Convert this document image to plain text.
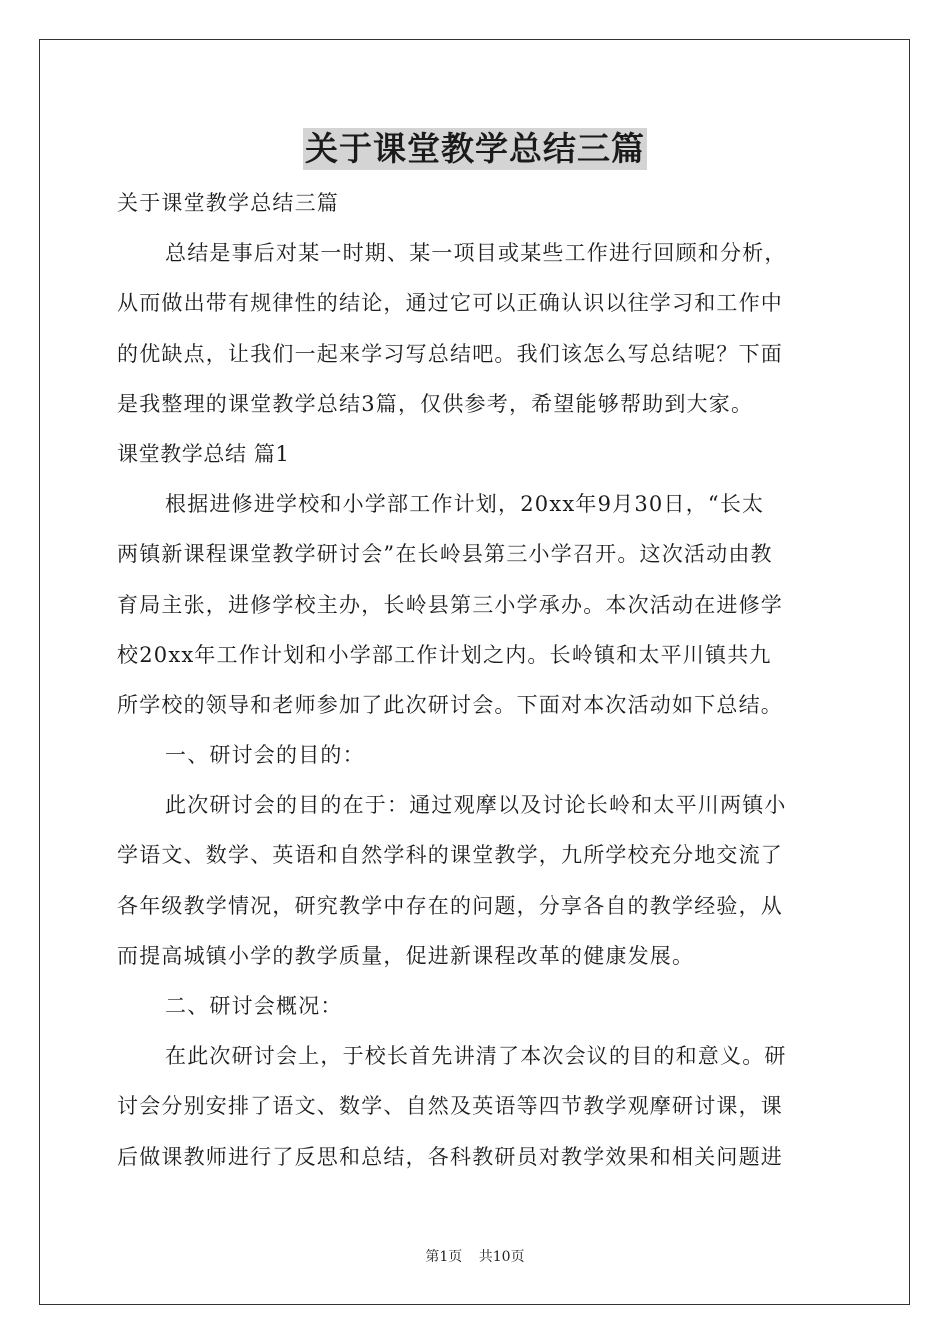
关于课堂教学总结三篇
关于课堂教学总结三篇
总结是事后对某一时期、某一项目或某些工作进行回顾和分析，
从而做出带有规律性的结论，通过它可以正确认识以往学习和工作中
的优缺点，让我们一起来学习写总结吧。我们该怎么写总结呢？下面
是我整理的课堂教学总结3篇，仅供参考，希望能够帮助到大家。
课堂教学总结 篇1
根据进修进学校和小学部工作计划，20xx年9月30日，“长太
两镇新课程课堂教学研讨会”在长岭县第三小学召开。这次活动由教
育局主张，进修学校主办，长岭县第三小学承办。本次活动在进修学
校20xx年工作计划和小学部工作计划之内。长岭镇和太平川镇共九
所学校的领导和老师参加了此次研讨会。下面对本次活动如下总结。
一、研讨会的目的：
此次研讨会的目的在于：通过观摩以及讨论长岭和太平川两镇小
学语文、数学、英语和自然学科的课堂教学，九所学校充分地交流了
各年级教学情况，研究教学中存在的问题，分享各自的教学经验，从
而提高城镇小学的教学质量，促进新课程改革的健康发展。
二、研讨会概况：
在此次研讨会上，于校长首先讲清了本次会议的目的和意义。研
讨会分别安排了语文、数学、自然及英语等四节教学观摩研讨课，课
后做课教师进行了反思和总结，各科教研员对教学效果和相关问题进
第1页 共10页
